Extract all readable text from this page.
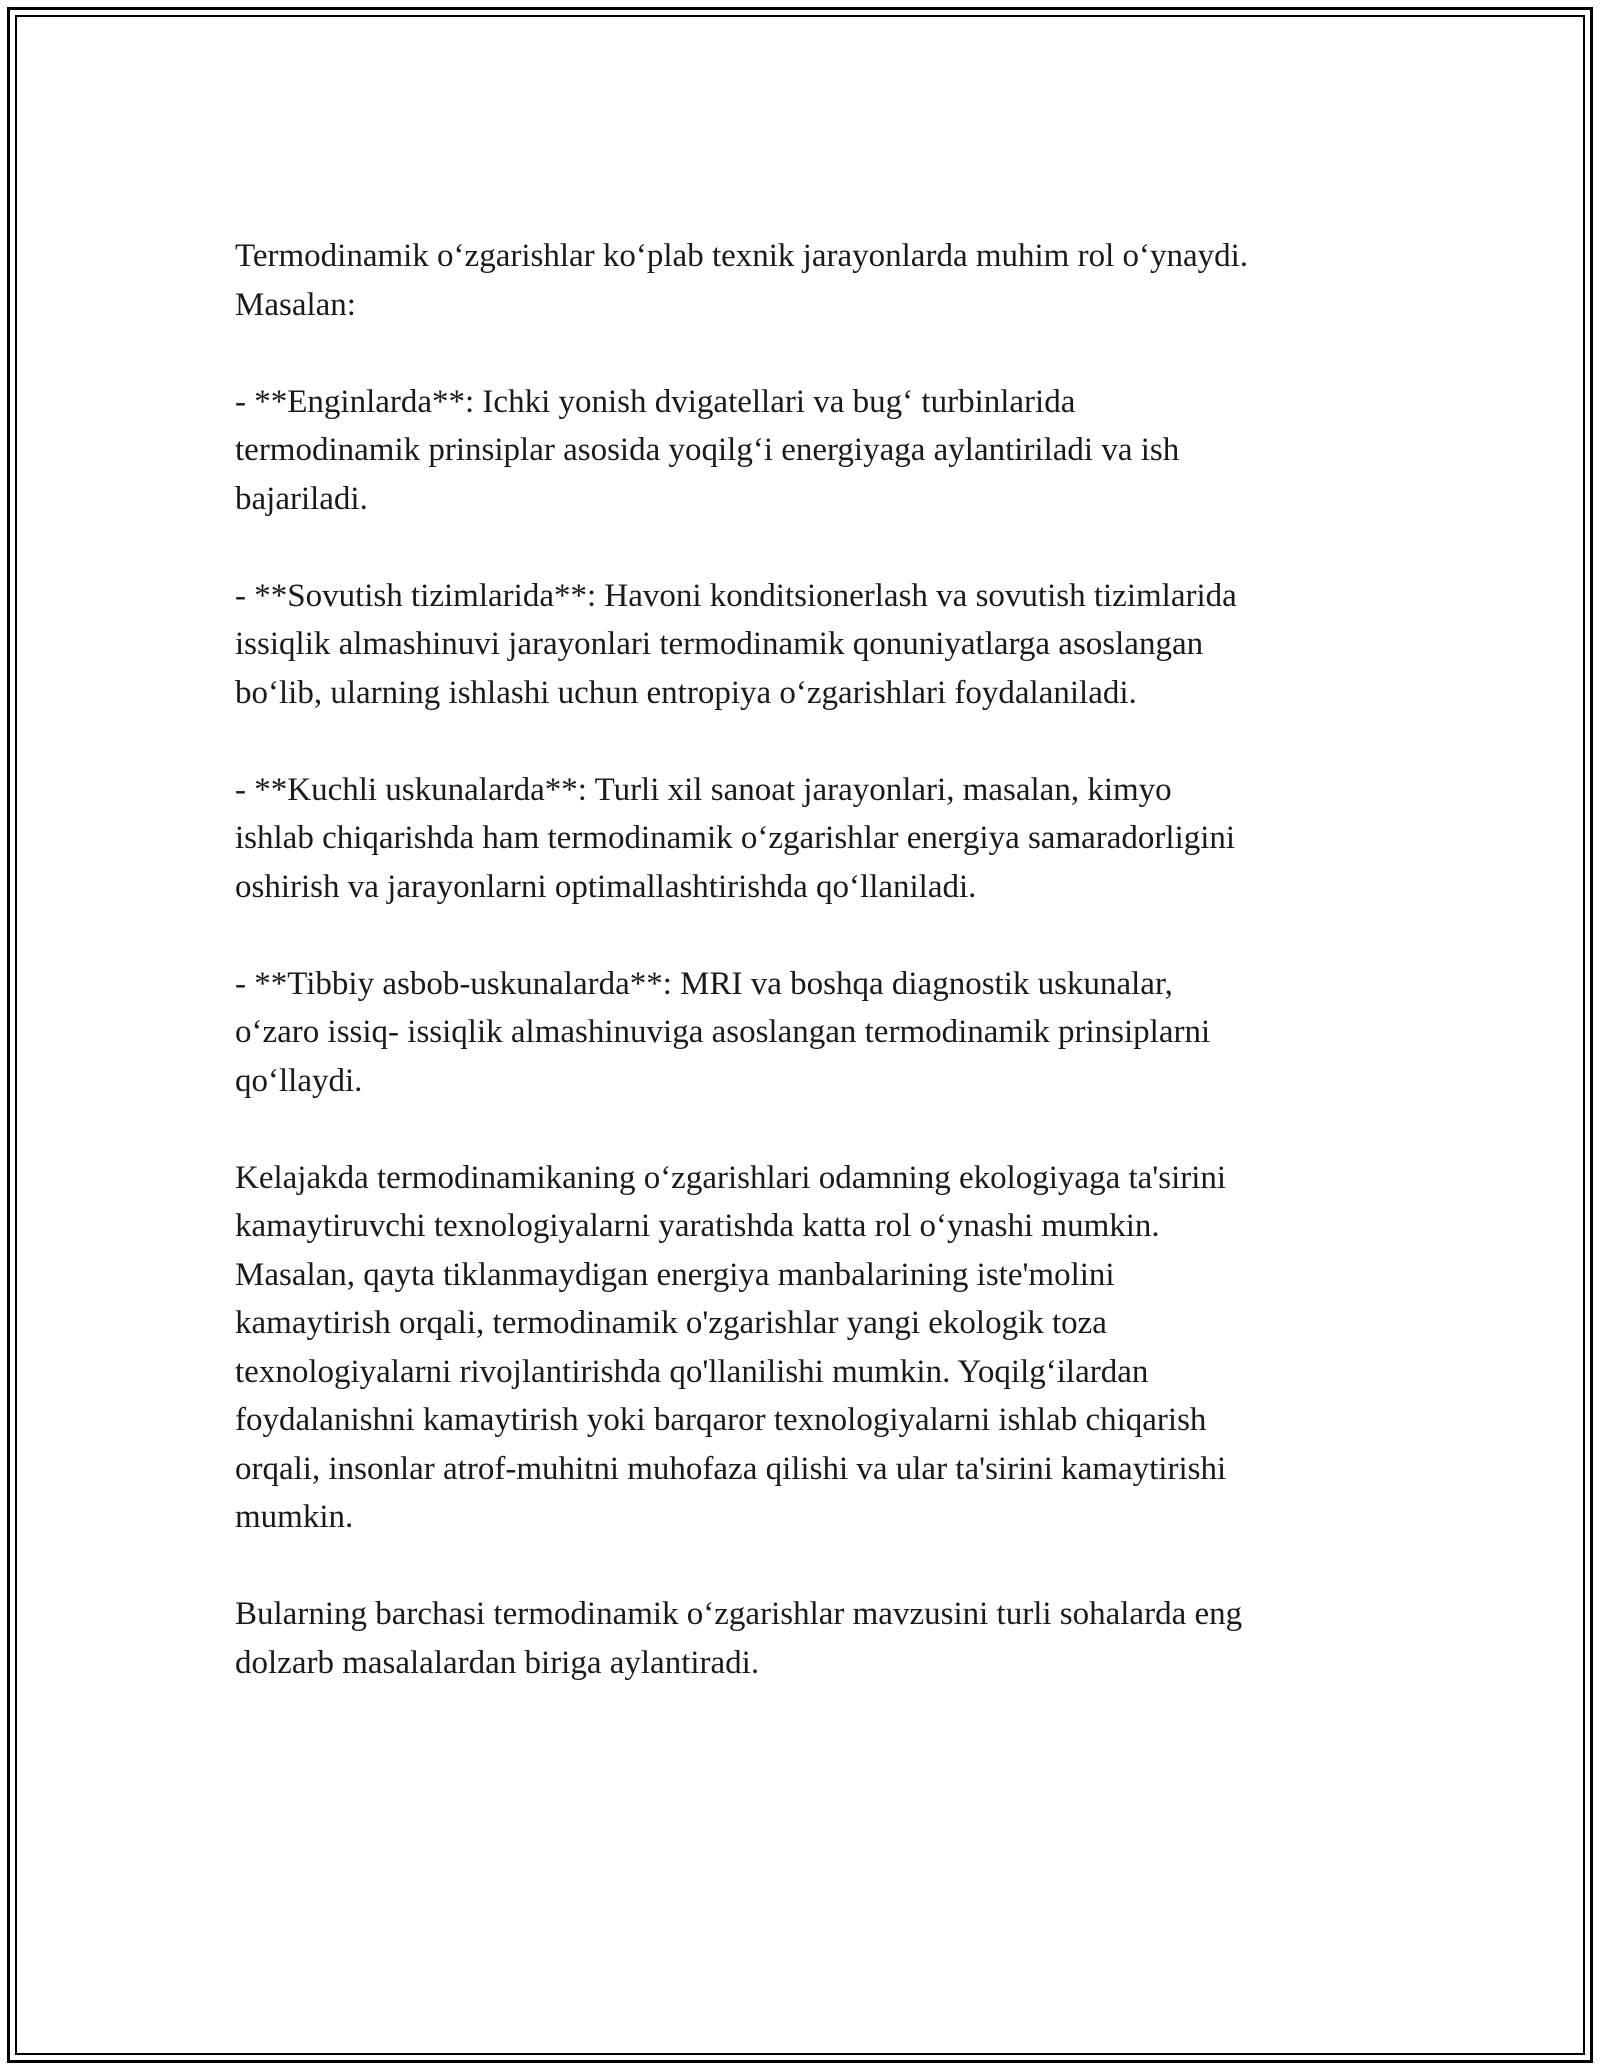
Termodinamik o‘zgarishlar ko‘plab texnik jarayonlarda muhim rol o‘ynaydi.
Masalan:

- **Enginlarda**: Ichki yonish dvigatellari va bug‘ turbinlarida
termodinamik prinsiplar asosida yoqilg‘i energiyaga aylantiriladi va ish
bajariladi.

- **Sovutish tizimlarida**: Havoni konditsionerlash va sovutish tizimlarida
issiqlik almashinuvi jarayonlari termodinamik qonuniyatlarga asoslangan
bo‘lib, ularning ishlashi uchun entropiya o‘zgarishlari foydalaniladi.

- **Kuchli uskunalarda**: Turli xil sanoat jarayonlari, masalan, kimyo
ishlab chiqarishda ham termodinamik o‘zgarishlar energiya samaradorligini
oshirish va jarayonlarni optimallashtirishda qo‘llaniladi.

- **Tibbiy asbob-uskunalarda**: MRI va boshqa diagnostik uskunalar,
o‘zaro issiq- issiqlik almashinuviga asoslangan termodinamik prinsiplarni
qo‘llaydi.

Kelajakda termodinamikaning o‘zgarishlari odamning ekologiyaga ta'sirini
kamaytiruvchi texnologiyalarni yaratishda katta rol o‘ynashi mumkin.
Masalan, qayta tiklanmaydigan energiya manbalarining iste'molini
kamaytirish orqali, termodinamik o'zgarishlar yangi ekologik toza
texnologiyalarni rivojlantirishda qo'llanilishi mumkin. Yoqilg‘ilardan
foydalanishni kamaytirish yoki barqaror texnologiyalarni ishlab chiqarish
orqali, insonlar atrof-muhitni muhofaza qilishi va ular ta'sirini kamaytirishi
mumkin.

Bularning barchasi termodinamik o‘zgarishlar mavzusini turli sohalarda eng
dolzarb masalalardan biriga aylantiradi.
